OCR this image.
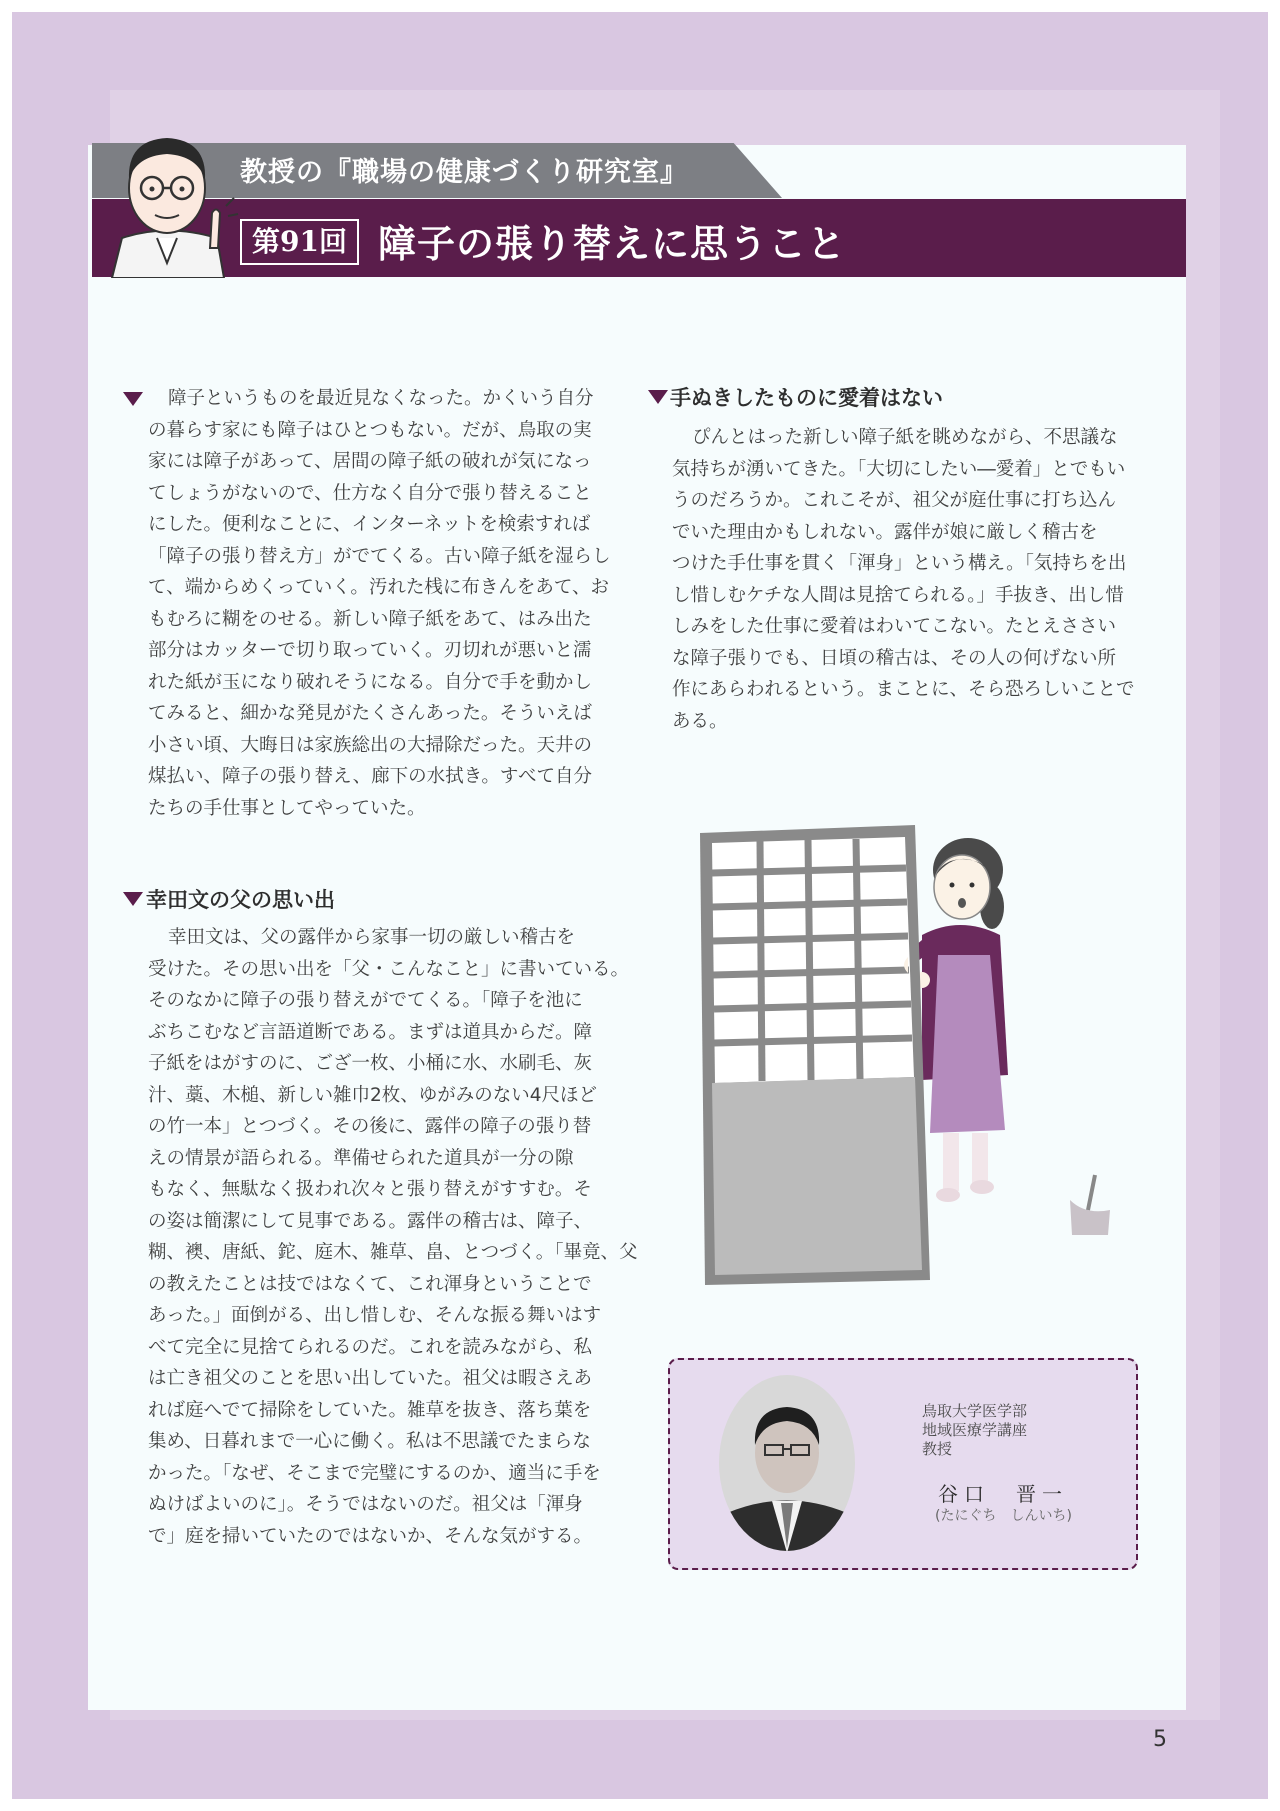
教授の『職場の健康づくり研究室』
第91回 障子の張り替えに思うこと

障子というものを最近見なくなった。かくいう自分

の暮らす家にも障子はひとつもない。だが、鳥取の実

家には障子があって、居間の障子紙の破れが気になっ

てしょうがないので、仕方なく自分で張り替えること

にした。便利なことに、インターネットを検索すれば

「障子の張り替え方」がでてくる。古い障子紙を湿らし

て、端からめくっていく。汚れた桟に布きんをあて、お

もむろに糊をのせる。新しい障子紙をあて、はみ出た

部分はカッターで切り取っていく。刃切れが悪いと濡

れた紙が玉になり破れそうになる。自分で手を動かし

てみると、細かな発見がたくさんあった。そういえば

小さい頃、大晦日は家族総出の大掃除だった。天井の

煤払い、障子の張り替え、廊下の水拭き。すべて自分

たちの手仕事としてやっていた。

幸田文の父の思い出

幸田文は、父の露伴から家事一切の厳しい稽古を

受けた。その思い出を「父・こんなこと」に書いている。

そのなかに障子の張り替えがでてくる。「障子を池に

ぶちこむなど言語道断である。まずは道具からだ。障

子紙をはがすのに、ござ一枚、小桶に水、水刷毛、灰

汁、藁、木槌、新しい雑巾2枚、ゆがみのない4尺ほど

の竹一本」とつづく。その後に、露伴の障子の張り替

えの情景が語られる。準備せられた道具が一分の隙

もなく、無駄なく扱われ次々と張り替えがすすむ。そ

の姿は簡潔にして見事である。露伴の稽古は、障子、

糊、襖、唐紙、鉈、庭木、雑草、畠、とつづく。「畢竟、父

の教えたことは技ではなくて、これ渾身ということで

あった。」面倒がる、出し惜しむ、そんな振る舞いはす

べて完全に見捨てられるのだ。これを読みながら、私

は亡き祖父のことを思い出していた。祖父は暇さえあ

れば庭へでて掃除をしていた。雑草を抜き、落ち葉を

集め、日暮れまで一心に働く。私は不思議でたまらな

かった。「なぜ、そこまで完璧にするのか、適当に手を

ぬけばよいのに」。そうではないのだ。祖父は「渾身

で」庭を掃いていたのではないか、そんな気がする。

手ぬきしたものに愛着はない

ぴんとはった新しい障子紙を眺めながら、不思議な

気持ちが湧いてきた。「大切にしたい―愛着」とでもい

うのだろうか。これこそが、祖父が庭仕事に打ち込ん

でいた理由かもしれない。露伴が娘に厳しく稽古を

つけた手仕事を貫く「渾身」という構え。「気持ちを出

し惜しむケチな人間は見捨てられる。」手抜き、出し惜

しみをした仕事に愛着はわいてこない。たとえささい

な障子張りでも、日頃の稽古は、その人の何げない所

作にあらわれるという。まことに、そら恐ろしいことで

ある。

鳥取大学医学部
地域医療学講座
教授
谷口　晋一
(たにぐち　しんいち)
5
